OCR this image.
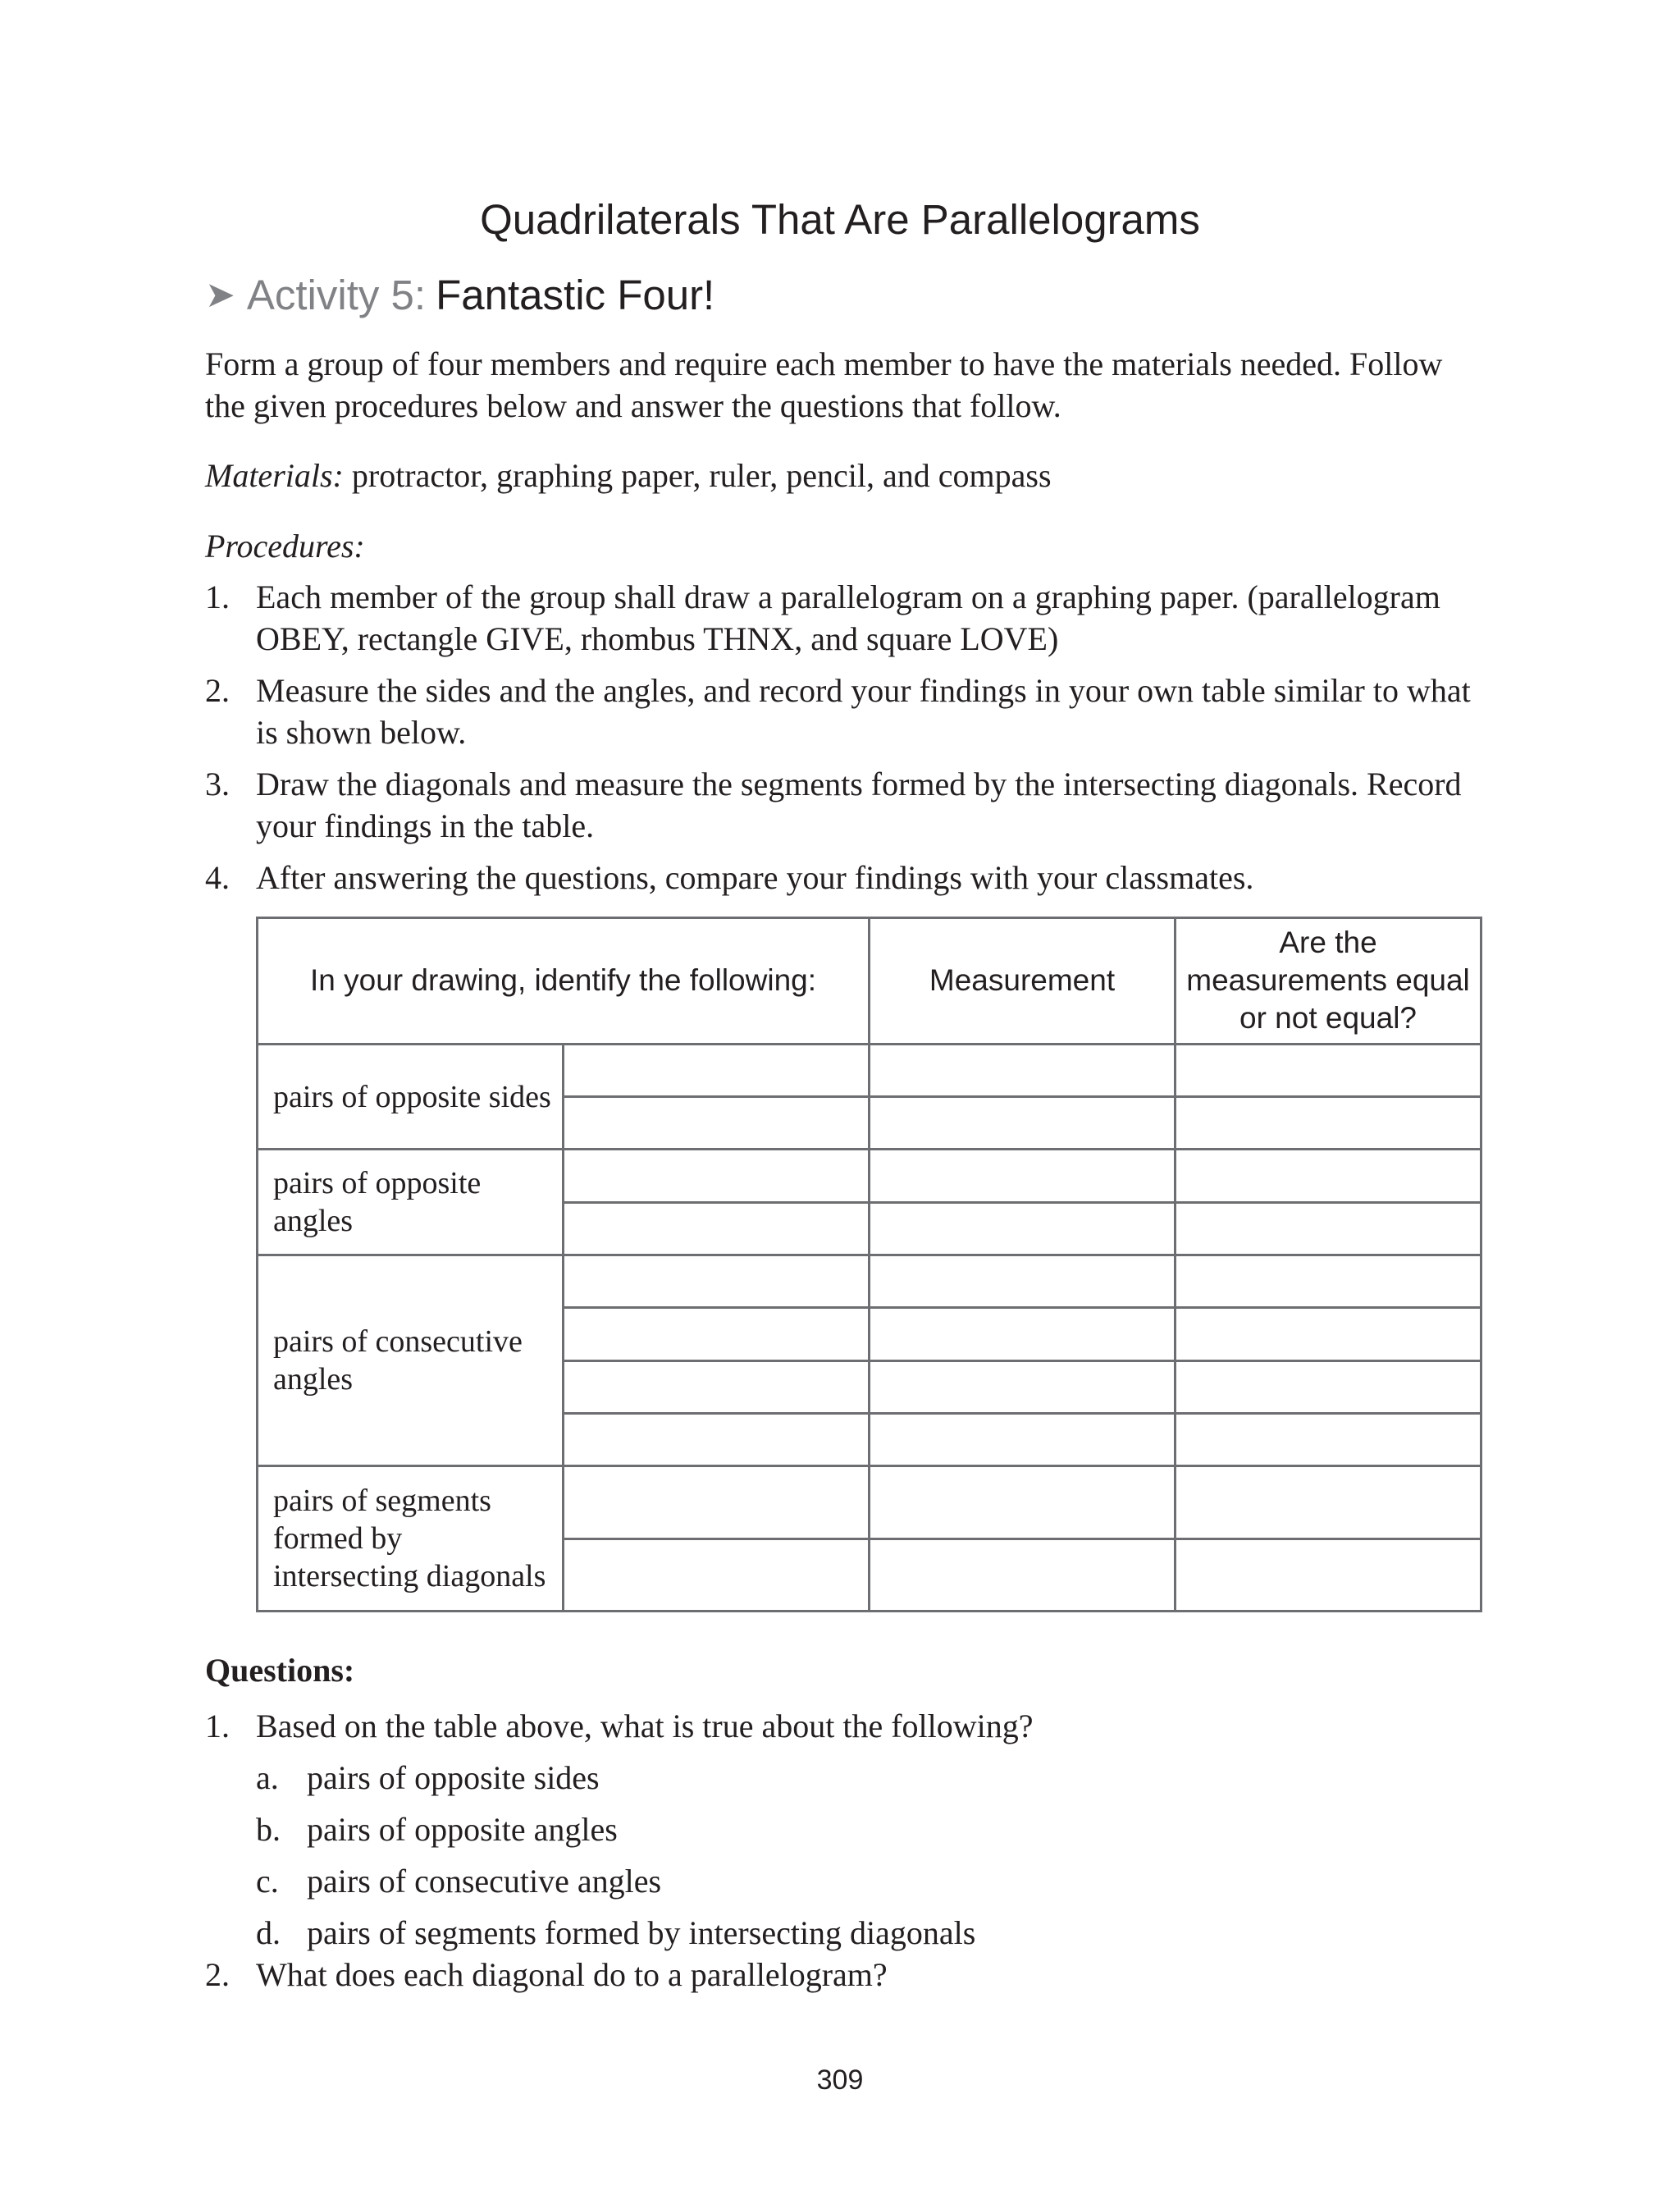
Quadrilaterals That Are Parallelograms
➤ Activity 5: Fantastic Four!
Form a group of four members and require each member to have the materials needed. Follow the given procedures below and answer the questions that follow.
Materials: protractor, graphing paper, ruler, pencil, and compass
Procedures:
1. Each member of the group shall draw a parallelogram on a graphing paper. (parallelogram OBEY, rectangle GIVE, rhombus THNX, and square LOVE)
2. Measure the sides and the angles, and record your findings in your own table similar to what is shown below.
3. Draw the diagonals and measure the segments formed by the intersecting diagonals. Record your findings in the table.
4. After answering the questions, compare your findings with your classmates.
In your drawing, identify the following:		Measurement	Are the measurements equal or not equal?
pairs of opposite sides			

pairs of opposite angles			

pairs of consecutive angles			

pairs of segments formed by intersecting diagonals			

Questions:
1. Based on the table above, what is true about the following?
a. pairs of opposite sides
b. pairs of opposite angles
c. pairs of consecutive angles
d. pairs of segments formed by intersecting diagonals
2. What does each diagonal do to a parallelogram?
309
